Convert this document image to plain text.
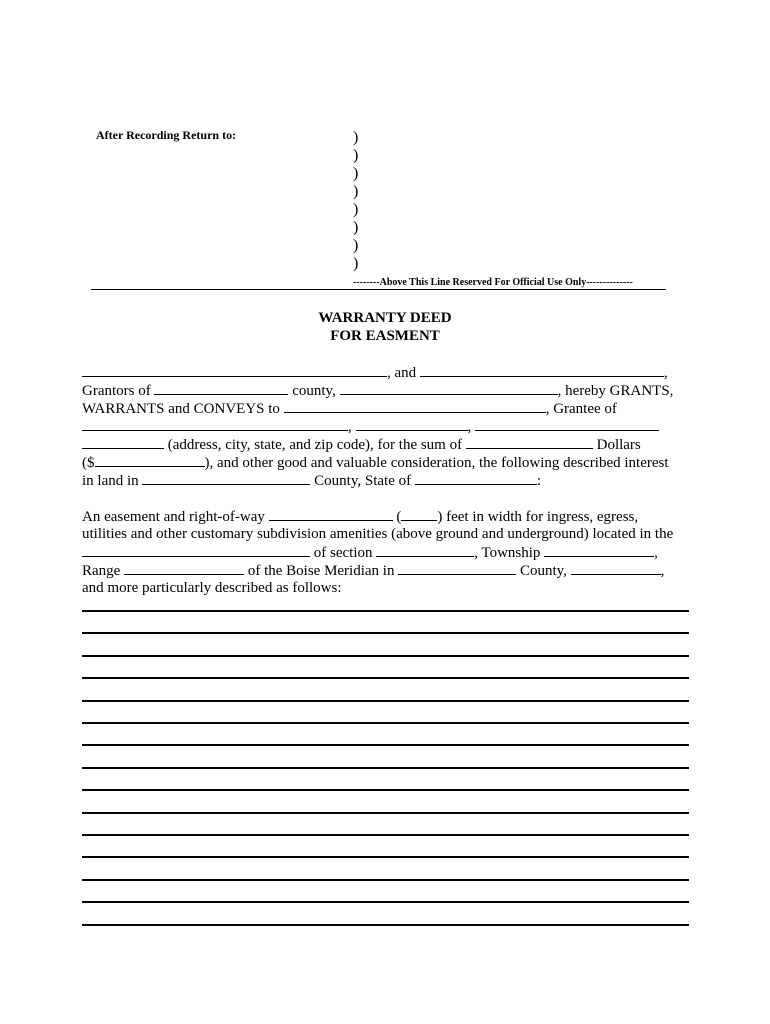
After Recording Return to:	)
)
)
)
)
)
)
)
--------Above This Line Reserved For Official Use Only--------------
WARRANTY DEED
FOR EASMENT
, and	,
Grantors of	county,	, hereby GRANTS,
WARRANTS and CONVEYS to	, Grantee of
,	,
(address, city, state, and zip code), for the sum of	Dollars
($	), and other good and valuable consideration, the following described interest
in land in	County, State of	:
An easement and right-of-way	( ) feet in width for ingress, egress,
utilities and other customary subdivision amenities (above ground and underground) located in the
of section	, Township	,
Range	of the Boise Meridian in	County,	,
and more particularly described as follows:
